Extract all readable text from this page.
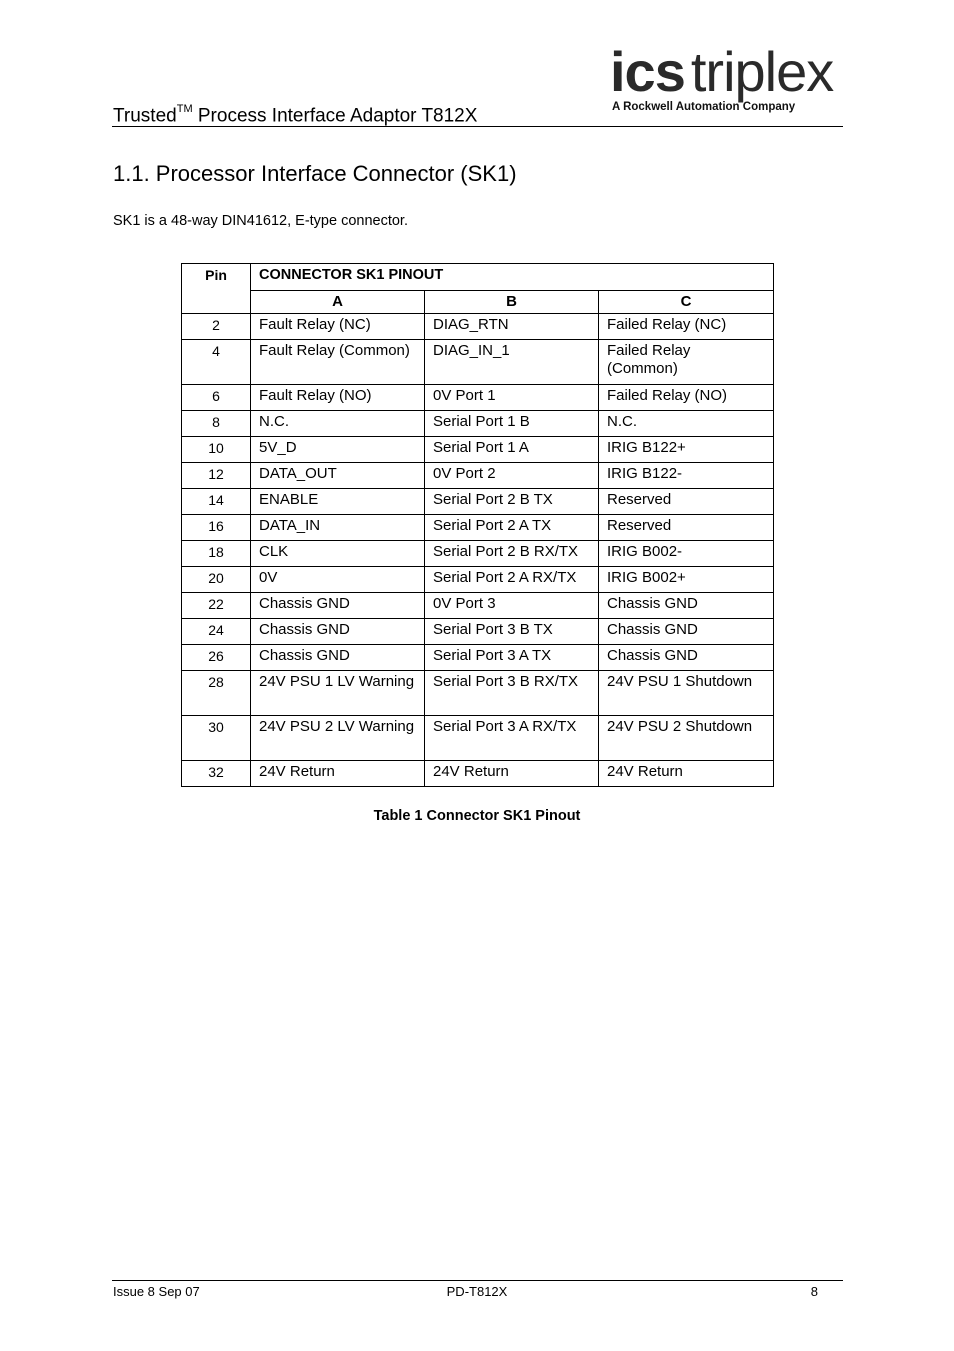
Trusted™ Process Interface Adaptor T812X
ics triplex
A Rockwell Automation Company
1.1. Processor Interface Connector (SK1)
SK1 is a 48-way DIN41612, E-type connector.
Pin	CONNECTOR SK1 PINOUT		
	A	B	C
2	Fault Relay (NC)	DIAG_RTN	Failed Relay (NC)
4	Fault Relay (Common)	DIAG_IN_1	Failed Relay (Common)
6	Fault Relay (NO)	0V Port 1	Failed Relay (NO)
8	N.C.	Serial Port 1 B	N.C.
10	5V_D	Serial Port 1 A	IRIG B122+
12	DATA_OUT	0V Port 2	IRIG B122-
14	ENABLE	Serial Port 2 B TX	Reserved
16	DATA_IN	Serial Port 2 A TX	Reserved
18	CLK	Serial Port 2 B RX/TX	IRIG B002-
20	0V	Serial Port 2 A RX/TX	IRIG B002+
22	Chassis GND	0V Port 3	Chassis GND
24	Chassis GND	Serial Port 3 B TX	Chassis GND
26	Chassis GND	Serial Port 3 A TX	Chassis GND
28	24V PSU 1 LV Warning	Serial Port 3 B RX/TX	24V PSU 1 Shutdown
30	24V PSU 2 LV Warning	Serial Port 3 A RX/TX	24V PSU 2 Shutdown
32	24V Return	24V Return	24V Return
Table 1 Connector SK1 Pinout
Issue 8 Sep 07	PD-T812X	8
